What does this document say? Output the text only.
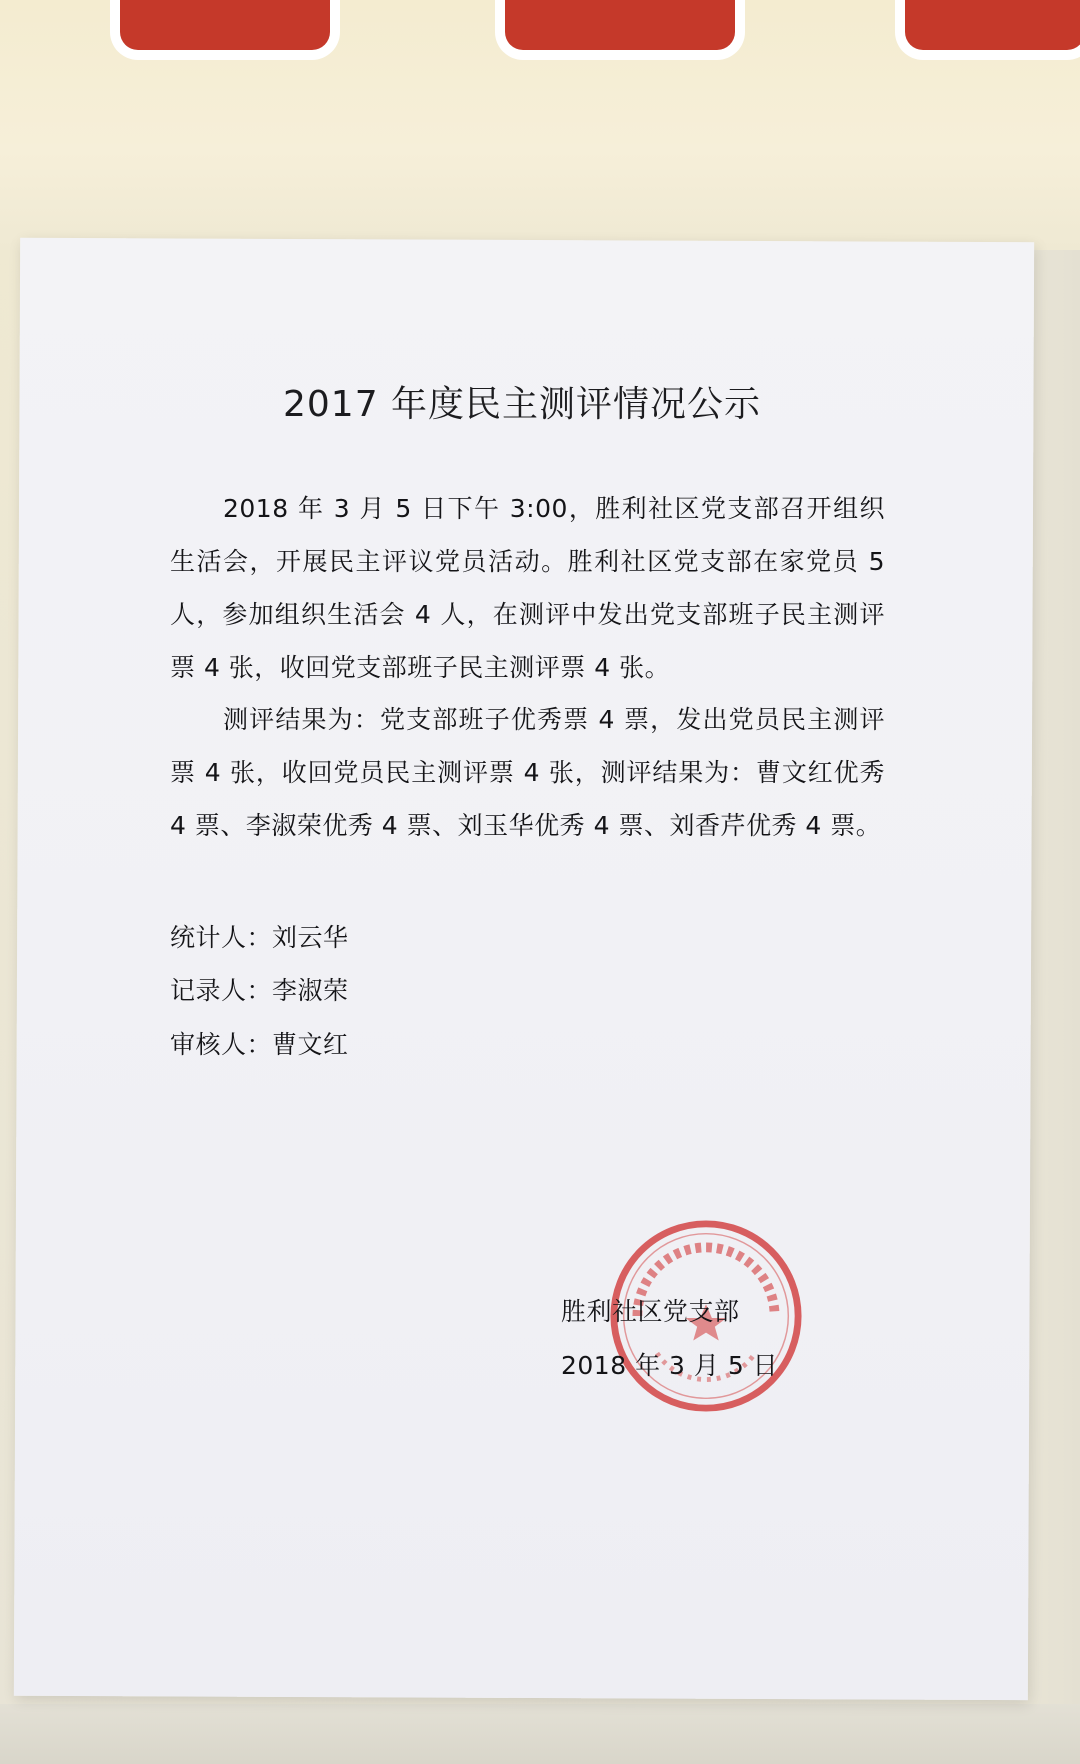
2017 年度民主测评情况公示
2018 年 3 月 5 日下午 3:00，胜利社区党支部召开组织生活会，开展民主评议党员活动。胜利社区党支部在家党员 5 人，参加组织生活会 4 人，在测评中发出党支部班子民主测评票 4 张，收回党支部班子民主测评票 4 张。
测评结果为：党支部班子优秀票 4 票，发出党员民主测评票 4 张，收回党员民主测评票 4 张，测评结果为：曹文红优秀 4 票、李淑荣优秀 4 票、刘玉华优秀 4 票、刘香芹优秀 4 票。
统计人：刘云华
记录人：李淑荣
审核人：曹文红
胜利社区党支部
2018 年 3 月 5 日
